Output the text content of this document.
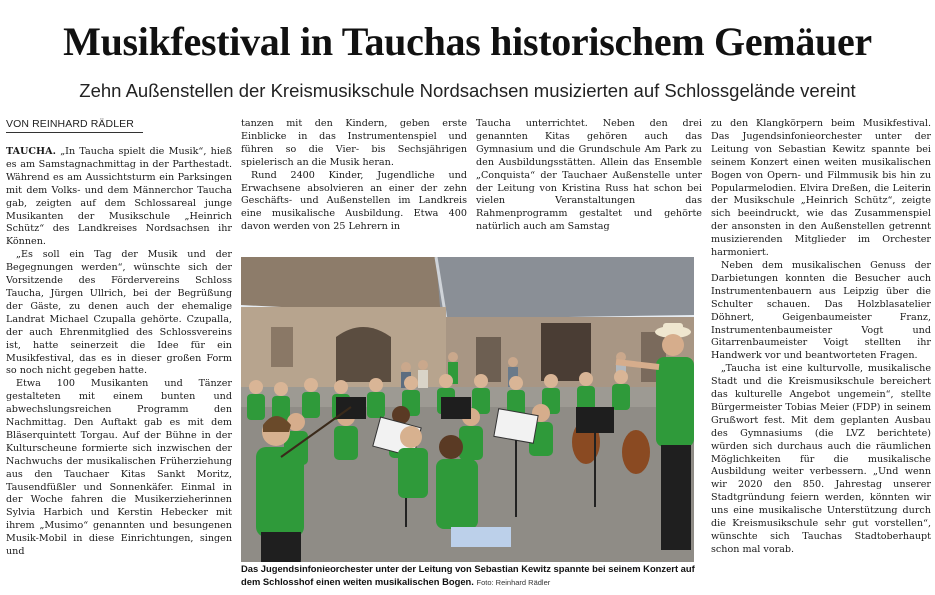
Musikfestival in Tauchas historischem Gemäuer
Zehn Außenstellen der Kreismusikschule Nordsachsen musizierten auf Schlossgelände vereint
VON REINHARD RÄDLER

TAUCHA. „In Taucha spielt die Musik“, hieß es am Samstagnachmittag in der Parthestadt. Während es am Aussichtsturm ein Parksingen mit dem Volks- und dem Männerchor Taucha gab, zeigten auf dem Schlossareal junge Musikanten der Musikschule „Heinrich Schütz“ des Landkreises Nordsachsen ihr Können.

„Es soll ein Tag der Musik und der Begegnungen werden“, wünschte sich der Vorsitzende des Fördervereins Schloss Taucha, Jürgen Ullrich, bei der Begrüßung der Gäste, zu denen auch der ehemalige Landrat Michael Czupalla gehörte. Czupalla, der auch Ehrenmitglied des Schlossvereins ist, hatte seinerzeit die Idee für ein Musikfestival, das es in dieser großen Form so noch nicht gegeben hatte.

Etwa 100 Musikanten und Tänzer gestalteten mit einem bunten und abwechslungsreichen Programm den Nachmittag. Den Auftakt gab es mit dem Bläserquintett Torgau. Auf der Bühne in der Kulturscheune formierte sich inzwischen der Nachwuchs der musikalischen Früherziehung aus den Tauchaer Kitas Sankt Moritz, Tausendfüßler und Sonnenkäfer. Einmal in der Woche fahren die Musikerzieherinnen Sylvia Harbich und Kerstin Hebecker mit ihrem „Musimo“ genannten und besungenen Musik-Mobil in diese Einrichtungen, singen und

tanzen mit den Kindern, geben erste Einblicke in das Instrumentenspiel und führen so die Vier- bis Sechsjährigen spielerisch an die Musik heran.

Rund 2400 Kinder, Jugendliche und Erwachsene absolvieren an einer der zehn Geschäfts- und Außenstellen im Landkreis eine musikalische Ausbildung. Etwa 400 davon werden von 25 Lehrern in

Taucha unterrichtet. Neben den drei genannten Kitas gehören auch das Gymnasium und die Grundschule Am Park zu den Ausbildungsstätten. Allein das Ensemble „Conquista“ der Tauchaer Außenstelle unter der Leitung von Kristina Russ hat schon bei vielen Veranstaltungen das Rahmenprogramm gestaltet und gehörte natürlich auch am Samstag

zu den Klangkörpern beim Musikfestival. Das Jugendsinfonieorchester unter der Leitung von Sebastian Kewitz spannte bei seinem Konzert einen weiten musikalischen Bogen von Opern- und Filmmusik bis hin zu Popularmelodien. Elvira Dreßen, die Leiterin der Musikschule „Heinrich Schütz“, zeigte sich beeindruckt, wie das Zusammenspiel der ansonsten in den Außenstellen getrennt musizierenden Mitglieder im Orchester harmoniert.

Neben dem musikalischen Genuss der Darbietungen konnten die Besucher auch Instrumentenbauern aus Leipzig über die Schulter schauen. Das Holzblasatelier Döhnert, Geigenbaumeister Franz, Instrumentenbaumeister Vogt und Gitarrenbaumeister Voigt stellten ihr Handwerk vor und beantworteten Fragen.

„Taucha ist eine kulturvolle, musikalische Stadt und die Kreismusikschule bereichert das kulturelle Angebot ungemein“, stellte Bürgermeister Tobias Meier (FDP) in seinem Grußwort fest. Mit dem geplanten Ausbau des Gymnasiums (die LVZ berichtete) würden sich durchaus auch die räumlichen Möglichkeiten für die musikalische Ausbildung weiter verbessern. „Und wenn wir 2020 den 850. Jahrestag unserer Stadtgründung feiern werden, könnten wir uns eine musikalische Unterstützung durch die Kreismusikschule sehr gut vorstellen“, wünschte sich Tauchas Stadtoberhaupt schon mal vorab.

Das Jugendsinfonieorchester unter der Leitung von Sebastian Kewitz spannte bei seinem Konzert auf dem Schlosshof einen weiten musikalischen Bogen. Foto: Reinhard Rädler
